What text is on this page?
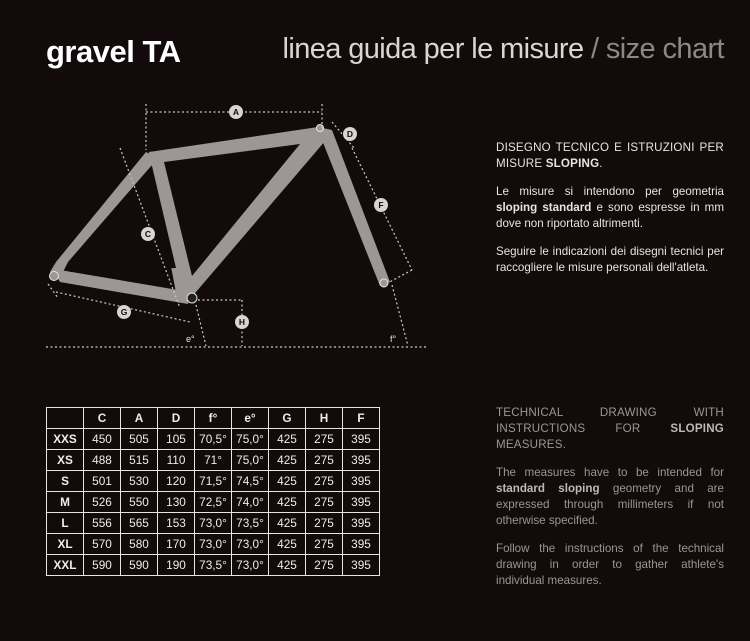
gravel TA	linea guida per le misure / size chart
A
D
F
C
G
H
e°	f°

DISEGNO TECNICO E ISTRUZIONI PER MISURE SLOPING.

Le misure si intendono per geometria sloping standard e sono espresse in mm dove non riportato altrimenti.

Seguire le indicazioni dei disegni tecnici per raccogliere le misure personali dell'atleta.

TECHNICAL DRAWING WITH INSTRUCTIONS FOR	SLOPING MEASURES.

The measures have to be intended for standard sloping geometry and are expressed through millimeters if not otherwise specified.

Follow the instructions of the technical drawing in order to gather athlete's individual measures.

	C	A	D	f°	e°	G	H	F
XXS	450	505	105	70,5°	75,0°	425	275	395
XS	488	515	110	71°	75,0°	425	275	395
S	501	530	120	71,5°	74,5°	425	275	395
M	526	550	130	72,5°	74,0°	425	275	395
L	556	565	153	73,0°	73,5°	425	275	395
XL	570	580	170	73,0°	73,0°	425	275	395
XXL	590	590	190	73,5°	73,0°	425	275	395
